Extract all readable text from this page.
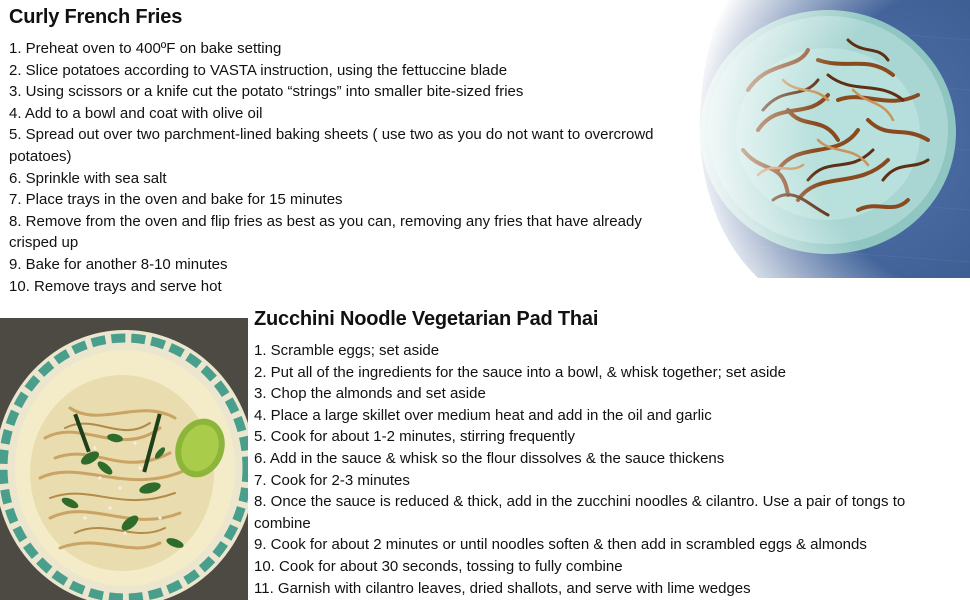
Curly French Fries
1. Preheat oven to 400ºF on bake setting
2. Slice potatoes according to VASTA instruction, using the fettuccine blade
3. Using scissors or a knife cut the potato “strings” into smaller bite-sized fries
4. Add to a bowl and coat with olive oil
5. Spread out over two parchment-lined baking sheets ( use two as you do not want to overcrowd potatoes)
6. Sprinkle with sea salt
7. Place trays in the oven and bake for 15 minutes
8. Remove from the oven and flip fries as best as you can, removing any fries that have already crisped up
9. Bake for another 8-10 minutes
10. Remove trays and serve hot
Zucchini Noodle Vegetarian Pad Thai
1. Scramble eggs; set aside
2. Put all of the ingredients for the sauce into a bowl, & whisk together; set aside
3. Chop the almonds and set aside
4. Place a large skillet over medium heat and add in the oil and garlic
5. Cook for about 1-2 minutes, stirring frequently
6. Add in the sauce & whisk so the flour dissolves & the sauce thickens
7. Cook for 2-3 minutes
8. Once the sauce is reduced & thick, add in the zucchini noodles & cilantro. Use a pair of tongs to combine
9. Cook for about 2 minutes or until noodles soften & then add in scrambled eggs & almonds
10. Cook for about 30 seconds, tossing to fully combine
11. Garnish with cilantro leaves, dried shallots, and serve with lime wedges
